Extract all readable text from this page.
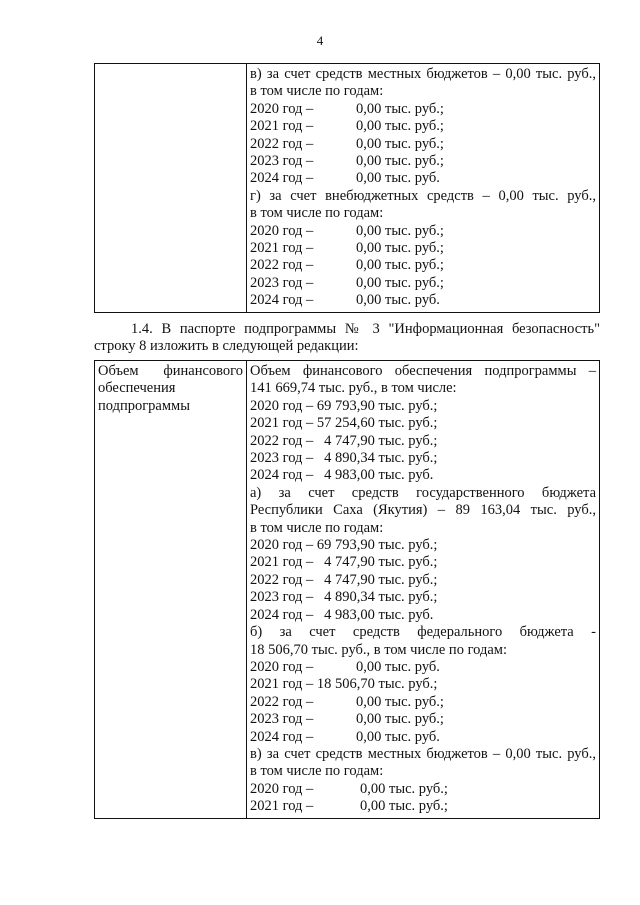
4

в) за счет средств местных бюджетов – 0,00 тыс. руб.,
в том числе по годам:
2020 год –	0,00 тыс. руб.;
2021 год –	0,00 тыс. руб.;
2022 год –	0,00 тыс. руб.;
2023 год –	0,00 тыс. руб.;
2024 год –	0,00 тыс. руб.
г) за счет внебюджетных средств – 0,00 тыс. руб.,
в том числе по годам:
2020 год –	0,00 тыс. руб.;
2021 год –	0,00 тыс. руб.;
2022 год –	0,00 тыс. руб.;
2023 год –	0,00 тыс. руб.;
2024 год –	0,00 тыс. руб.
1.4. В паспорте подпрограммы № 3 "Информационная безопасность"
строку 8 изложить в следующей редакции:
Объем финансового
обеспечения
подпрограммы

Объем финансового обеспечения подпрограммы –
141 669,74 тыс. руб., в том числе:
2020 год – 69 793,90 тыс. руб.;
2021 год – 57 254,60 тыс. руб.;
2022 год –   4 747,90 тыс. руб.;
2023 год –   4 890,34 тыс. руб.;
2024 год –   4 983,00 тыс. руб.
а) за счет средств государственного бюджета
Республики Саха (Якутия) – 89 163,04 тыс. руб.,
в том числе по годам:
2020 год – 69 793,90 тыс. руб.;
2021 год –   4 747,90 тыс. руб.;
2022 год –   4 747,90 тыс. руб.;
2023 год –   4 890,34 тыс. руб.;
2024 год –   4 983,00 тыс. руб.
б) за счет средств федерального бюджета -
18 506,70 тыс. руб., в том числе по годам:
2020 год –	0,00 тыс. руб.
2021 год – 18 506,70 тыс. руб.;
2022 год –	0,00 тыс. руб.;
2023 год –	0,00 тыс. руб.;
2024 год –	0,00 тыс. руб.
в) за счет средств местных бюджетов – 0,00 тыс. руб.,
в том числе по годам:
2020 год –	0,00 тыс. руб.;
2021 год –	0,00 тыс. руб.;
